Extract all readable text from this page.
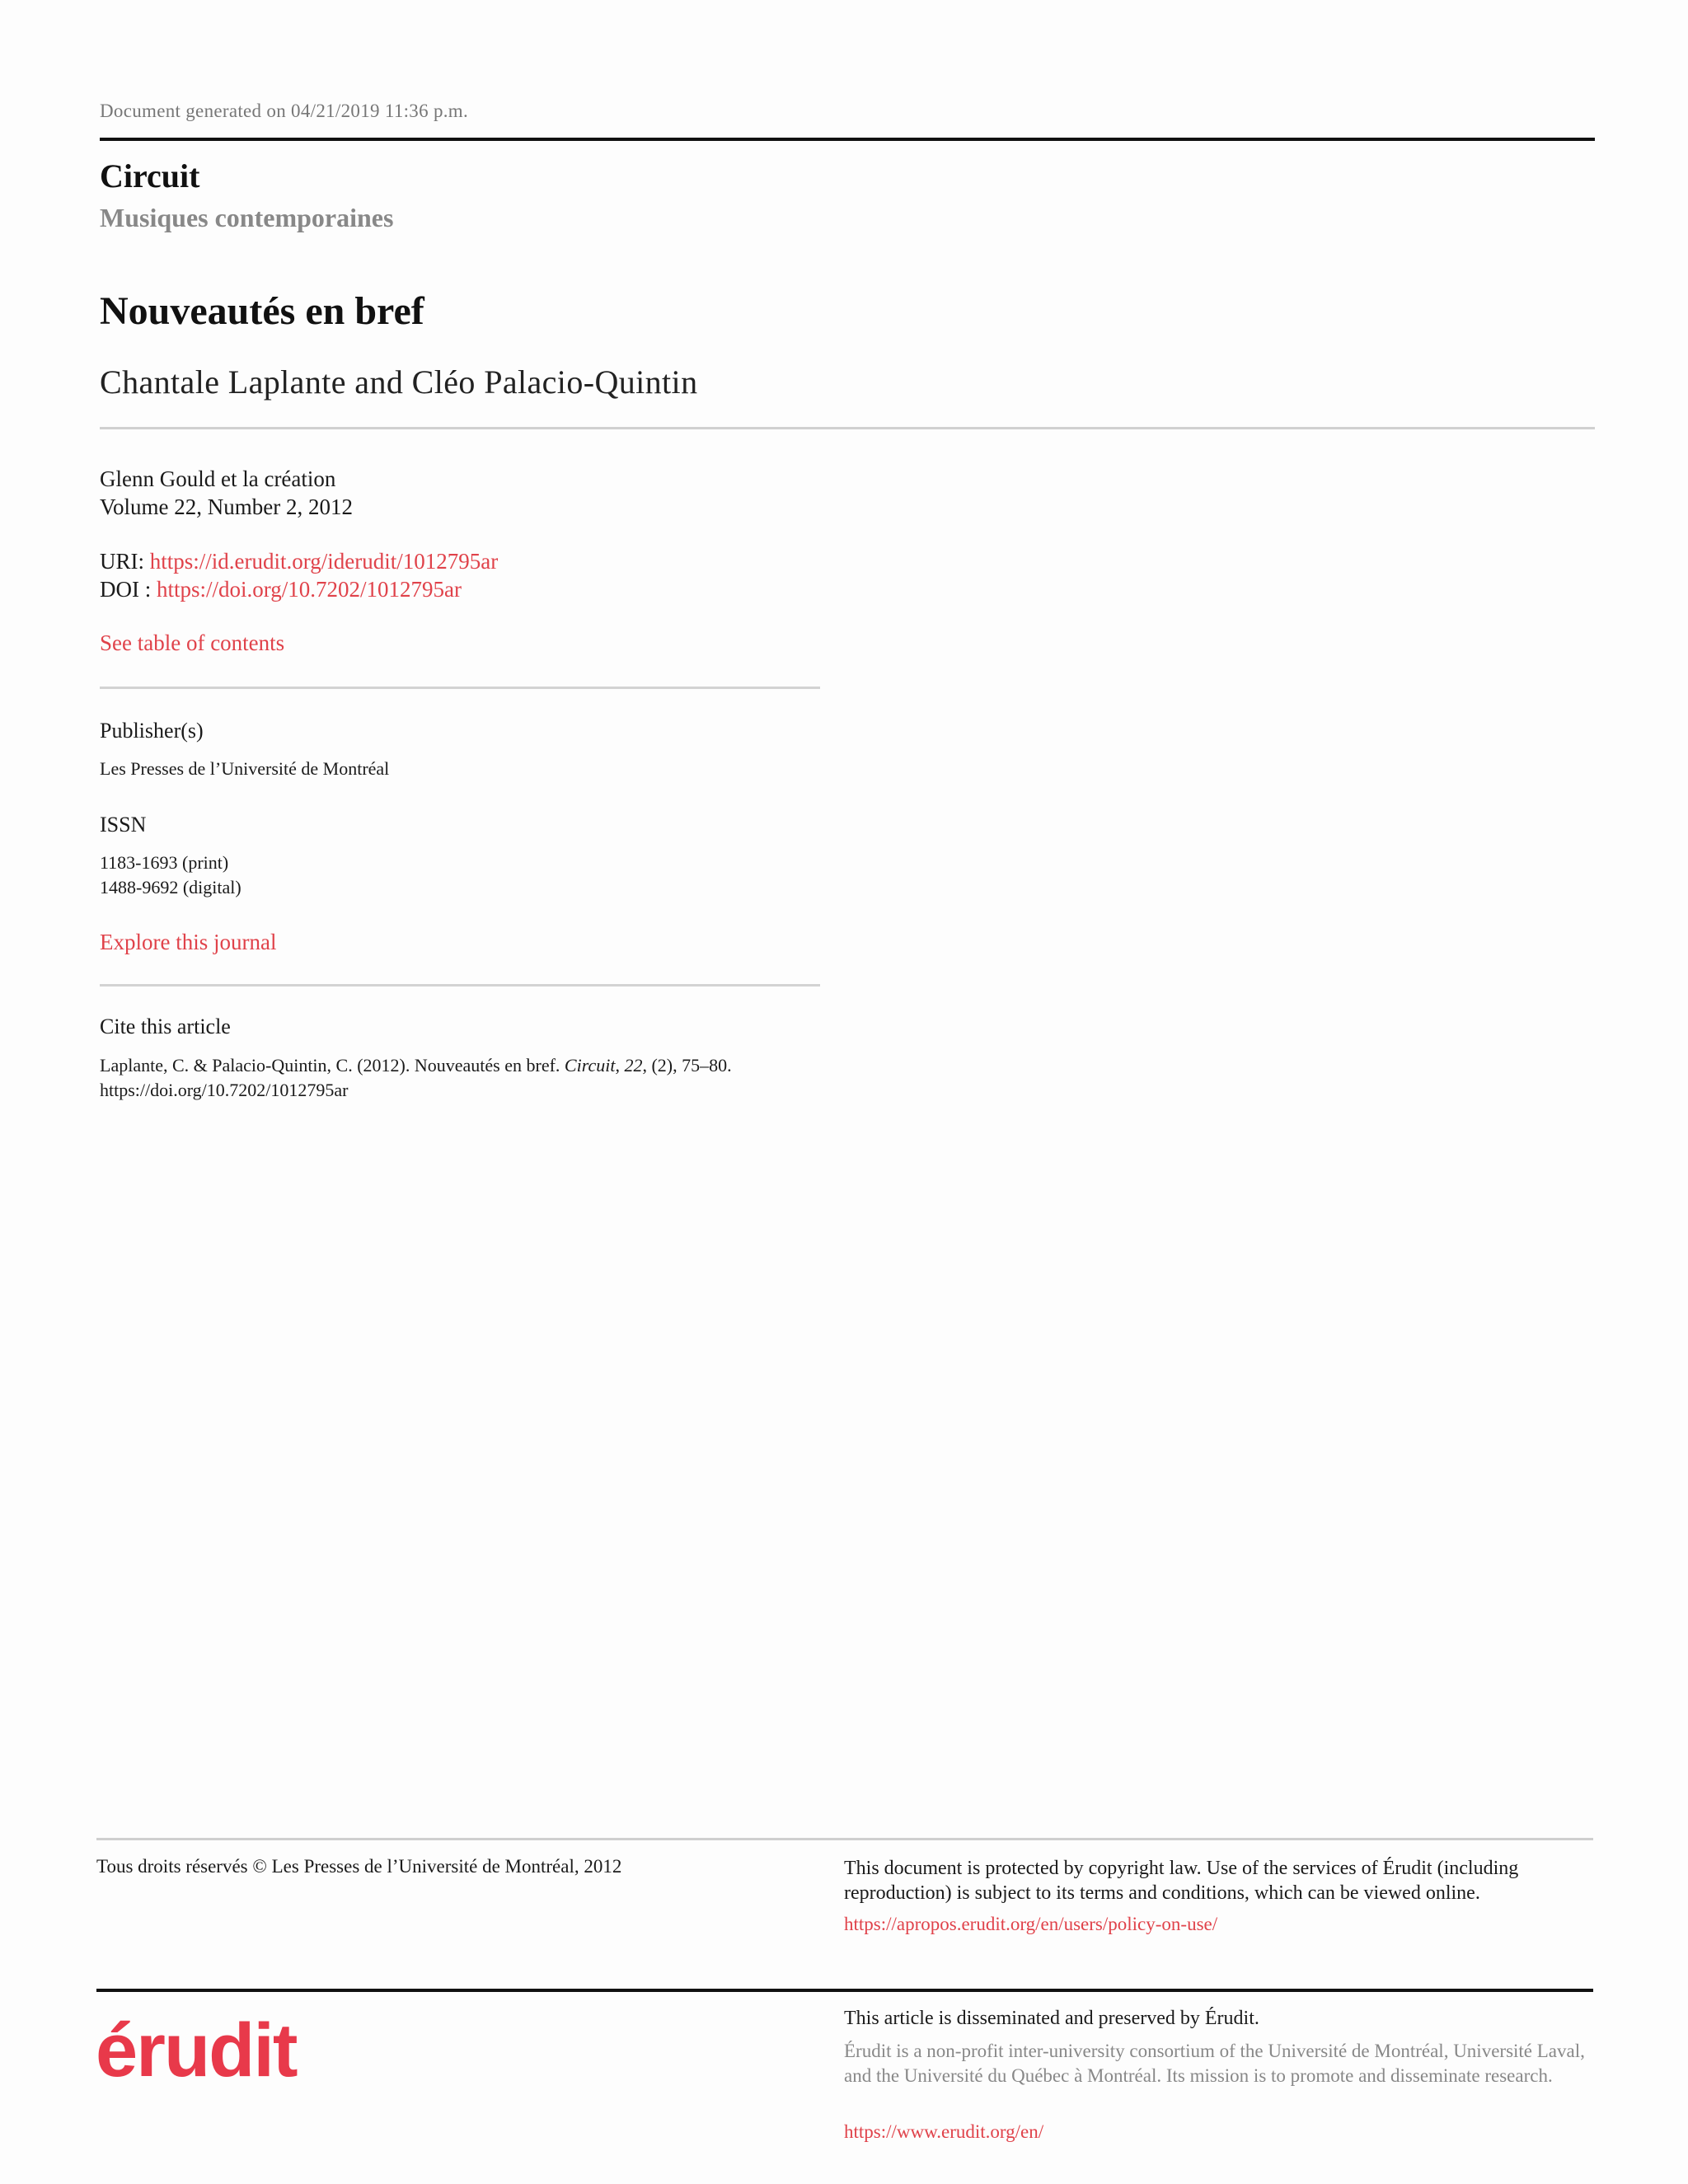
Document generated on 04/21/2019 11:36 p.m.
Circuit
Musiques contemporaines
Nouveautés en bref
Chantale Laplante and Cléo Palacio-Quintin
Glenn Gould et la création
Volume 22, Number 2, 2012
URI: https://id.erudit.org/iderudit/1012795ar
DOI : https://doi.org/10.7202/1012795ar
See table of contents
Publisher(s)
Les Presses de l’Université de Montréal
ISSN
1183-1693 (print)
1488-9692 (digital)
Explore this journal
Cite this article
Laplante, C. & Palacio-Quintin, C. (2012). Nouveautés en bref. Circuit, 22, (2), 75–80.
https://doi.org/10.7202/1012795ar
Tous droits réservés © Les Presses de l’Université de Montréal, 2012	This document is protected by copyright law. Use of the services of Érudit (including reproduction) is subject to its terms and conditions, which can be viewed online.
https://apropos.erudit.org/en/users/policy-on-use/
érudit	This article is disseminated and preserved by Érudit.
Érudit is a non-profit inter-university consortium of the Université de Montréal, Université Laval, and the Université du Québec à Montréal. Its mission is to promote and disseminate research.
https://www.erudit.org/en/
